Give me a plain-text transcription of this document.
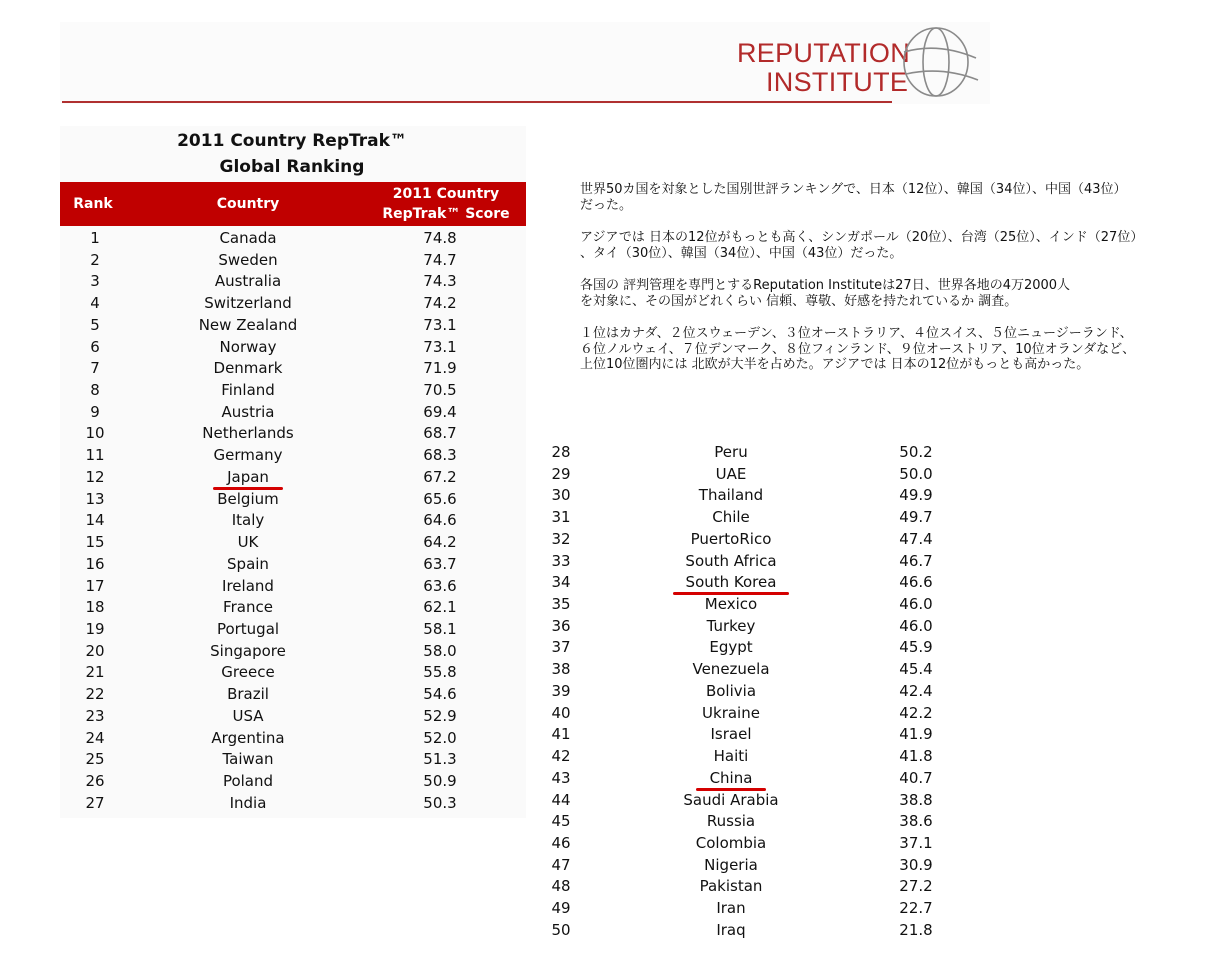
REPUTATION
INSTITUTE
2011 Country RepTrak™
Global Ranking
Rank	Country
2011 Country
RepTrak™ Score
1	Canada	74.8
2	Sweden	74.7
3	Australia	74.3
4	Switzerland	74.2
5	New Zealand	73.1
6	Norway	73.1
7	Denmark	71.9
8	Finland	70.5
9	Austria	69.4
10	Netherlands	68.7
11	Germany	68.3
12	Japan	67.2
13	Belgium	65.6
14	Italy	64.6
15	UK	64.2
16	Spain	63.7
17	Ireland	63.6
18	France	62.1
19	Portugal	58.1
20	Singapore	58.0
21	Greece	55.8
22	Brazil	54.6
23	USA	52.9
24	Argentina	52.0
25	Taiwan	51.3
26	Poland	50.9
27	India	50.3
28	Peru	50.2
29	UAE	50.0
30	Thailand	49.9
31	Chile	49.7
32	PuertoRico	47.4
33	South Africa	46.7
34	South Korea	46.6
35	Mexico	46.0
36	Turkey	46.0
37	Egypt	45.9
38	Venezuela	45.4
39	Bolivia	42.4
40	Ukraine	42.2
41	Israel	41.9
42	Haiti	41.8
43	China	40.7
44	Saudi Arabia	38.8
45	Russia	38.6
46	Colombia	37.1
47	Nigeria	30.9
48	Pakistan	27.2
49	Iran	22.7
50	Iraq	21.8

世界50カ国を対象とした国別世評ランキングで、日本（12位）、韓国（34位）、中国（43位）
だった。

アジアでは 日本の12位がもっとも高く、シンガポール（20位）、台湾（25位）、インド（27位）
、タイ（30位）、韓国（34位）、中国（43位）だった。

各国の 評判管理を専門とするReputation Instituteは27日、世界各地の4万2000人
を対象に、その国がどれくらい 信頼、尊敬、好感を持たれているか 調査。

１位はカナダ、２位スウェーデン、３位オーストラリア、４位スイス、５位ニュージーランド、
６位ノルウェイ、７位デンマーク、８位フィンランド、９位オーストリア、10位オランダなど、
上位10位圏内には 北欧が大半を占めた。アジアでは 日本の12位がもっとも高かった。
